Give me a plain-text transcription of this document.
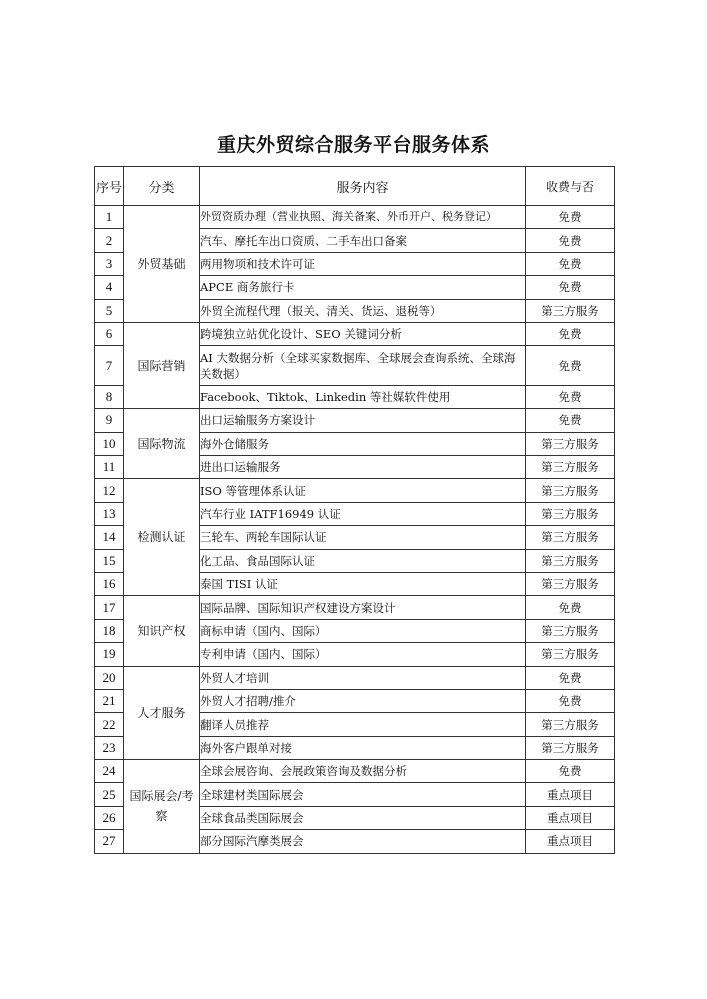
重庆外贸综合服务平台服务体系
序号	分类	服务内容	收费与否
1	外贸基础	外贸资质办理（营业执照、海关备案、外币开户、税务登记）	免费
2		汽车、摩托车出口资质、二手车出口备案	免费
3		两用物项和技术许可证	免费
4		APCE 商务旅行卡	免费
5		外贸全流程代理（报关、清关、货运、退税等）	第三方服务
6	国际营销	跨境独立站优化设计、SEO 关键词分析	免费
7		AI 大数据分析（全球买家数据库、全球展会查询系统、全球海关数据）	免费
8		Facebook、Tiktok、Linkedin 等社媒软件使用	免费
9	国际物流	出口运输服务方案设计	免费
10		海外仓储服务	第三方服务
11		进出口运输服务	第三方服务
12	检测认证	ISO 等管理体系认证	第三方服务
13		汽车行业 IATF16949 认证	第三方服务
14		三轮车、两轮车国际认证	第三方服务
15		化工品、食品国际认证	第三方服务
16		泰国 TISI 认证	第三方服务
17	知识产权	国际品牌、国际知识产权建设方案设计	免费
18		商标申请（国内、国际）	第三方服务
19		专利申请（国内、国际）	第三方服务
20	人才服务	外贸人才培训	免费
21		外贸人才招聘/推介	免费
22		翻译人员推荐	第三方服务
23		海外客户跟单对接	第三方服务
24	国际展会/考察	全球会展咨询、会展政策咨询及数据分析	免费
25		全球建材类国际展会	重点项目
26		全球食品类国际展会	重点项目
27		部分国际汽摩类展会	重点项目
